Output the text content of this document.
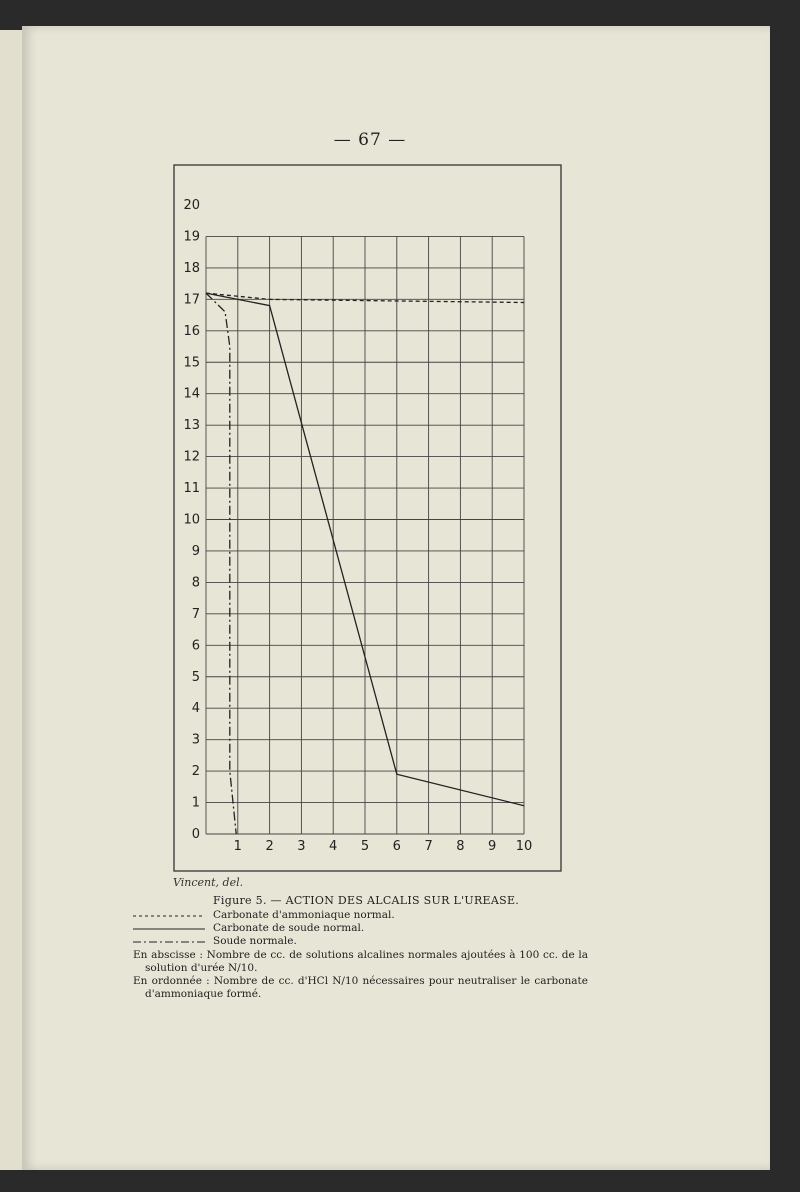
— 67 —
1 2 3 4 5 6 7 8 9 10
0
1
2
3
4
5
6
7
8
9
10
11
12
13
14
15
16
17
18
19
20
Vincent, del.
Figure 5. — ACTION DES ALCALIS SUR L'UREASE.
Carbonate d'ammoniaque normal.
Carbonate de soude normal.
Soude normale.
En abscisse : Nombre de cc. de solutions alcalines normales ajoutées à 100 cc. de la solution d'urée N/10.
En ordonnée : Nombre de cc. d'HCl N/10 nécessaires pour neutraliser le carbonate d'ammoniaque formé.
